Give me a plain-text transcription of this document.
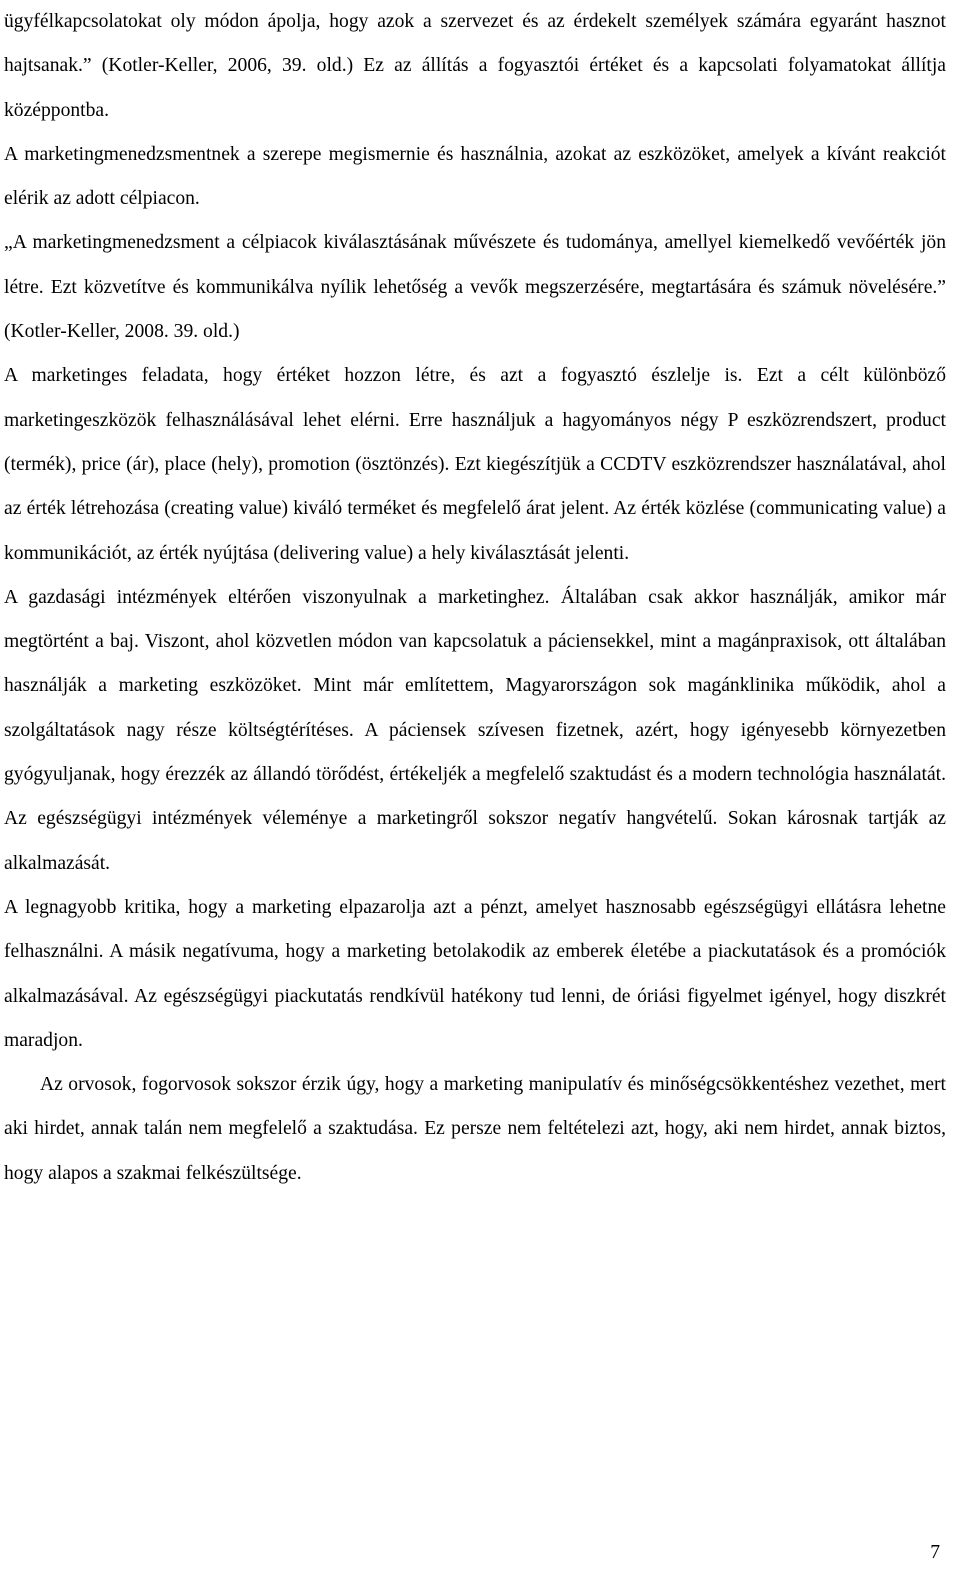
ügyfélkapcsolatokat oly módon ápolja, hogy azok a szervezet és az érdekelt személyek számára egyaránt hasznot hajtsanak.” (Kotler-Keller, 2006, 39. old.) Ez az állítás a fogyasztói értéket és a kapcsolati folyamatokat állítja középpontba.

A marketingmenedzsmentnek a szerepe megismernie és használnia, azokat az eszközöket, amelyek a kívánt reakciót elérik az adott célpiacon.

„A marketingmenedzsment a célpiacok kiválasztásának művészete és tudománya, amellyel kiemelkedő vevőérték jön létre. Ezt közvetítve és kommunikálva nyílik lehetőség a vevők megszerzésére, megtartására és számuk növelésére.” (Kotler-Keller, 2008. 39. old.)

A marketinges feladata, hogy értéket hozzon létre, és azt a fogyasztó észlelje is. Ezt a célt különböző marketingeszközök felhasználásával lehet elérni. Erre használjuk a hagyományos négy P eszközrendszert, product (termék), price (ár), place (hely), promotion (ösztönzés). Ezt kiegészítjük a CCDTV eszközrendszer használatával, ahol az érték létrehozása (creating value) kiváló terméket és megfelelő árat jelent. Az érték közlése (communicating value) a kommunikációt, az érték nyújtása (delivering value) a hely kiválasztását jelenti.

A gazdasági intézmények eltérően viszonyulnak a marketinghez. Általában csak akkor használják, amikor már megtörtént a baj. Viszont, ahol közvetlen módon van kapcsolatuk a páciensekkel, mint a magánpraxisok, ott általában használják a marketing eszközöket. Mint már említettem, Magyarországon sok magánklinika működik, ahol a szolgáltatások nagy része költségtérítéses. A páciensek szívesen fizetnek, azért, hogy igényesebb környezetben gyógyuljanak, hogy érezzék az állandó törődést, értékeljék a megfelelő szaktudást és a modern technológia használatát. Az egészségügyi intézmények véleménye a marketingről sokszor negatív hangvételű. Sokan károsnak tartják az alkalmazását.

A legnagyobb kritika, hogy a marketing elpazarolja azt a pénzt, amelyet hasznosabb egészségügyi ellátásra lehetne felhasználni. A másik negatívuma, hogy a marketing betolakodik az emberek életébe a piackutatások és a promóciók alkalmazásával. Az egészségügyi piackutatás rendkívül hatékony tud lenni, de óriási figyelmet igényel, hogy diszkrét maradjon.

Az orvosok, fogorvosok sokszor érzik úgy, hogy a marketing manipulatív és minőségcsökkentéshez vezethet, mert aki hirdet, annak talán nem megfelelő a szaktudása. Ez persze nem feltételezi azt, hogy, aki nem hirdet, annak biztos, hogy alapos a szakmai felkészültsége.

7
